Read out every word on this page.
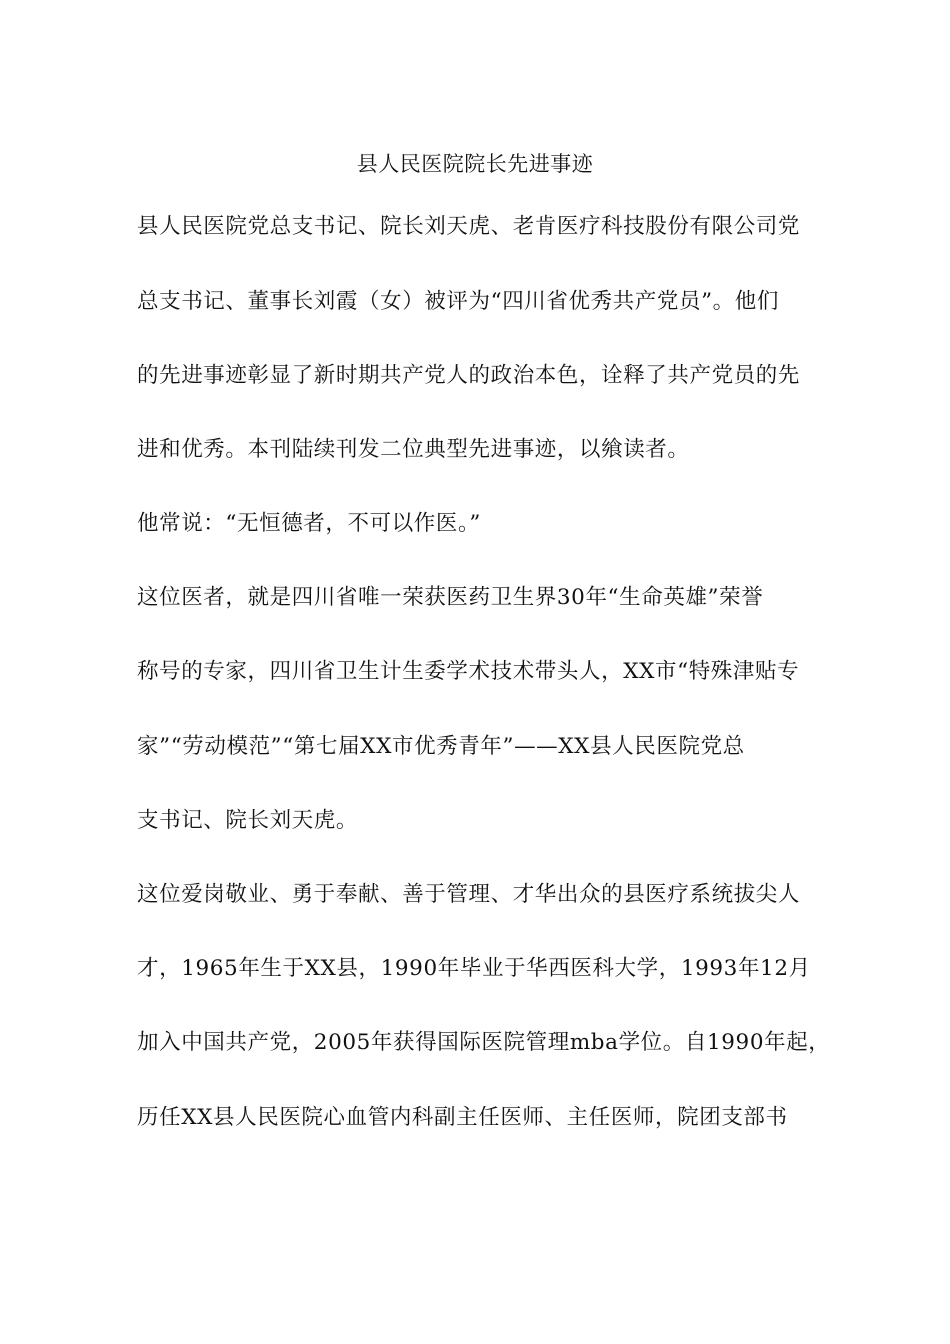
县人民医院院长先进事迹
县人民医院党总支书记、院长刘天虎、老肯医疗科技股份有限公司党
总支书记、董事长刘霞（女）被评为“四川省优秀共产党员”。他们
的先进事迹彰显了新时期共产党人的政治本色，诠释了共产党员的先
进和优秀。本刊陆续刊发二位典型先进事迹，以飨读者。
他常说：“无恒德者，不可以作医。”
这位医者，就是四川省唯一荣获医药卫生界30年“生命英雄”荣誉
称号的专家，四川省卫生计生委学术技术带头人，XX市“特殊津贴专
家”“劳动模范”“第七届XX市优秀青年”——XX县人民医院党总
支书记、院长刘天虎。
这位爱岗敬业、勇于奉献、善于管理、才华出众的县医疗系统拔尖人
才，1965年生于XX县，1990年毕业于华西医科大学，1993年12月
加入中国共产党，2005年获得国际医院管理mba学位。自1990年起，
历任XX县人民医院心血管内科副主任医师、主任医师，院团支部书
